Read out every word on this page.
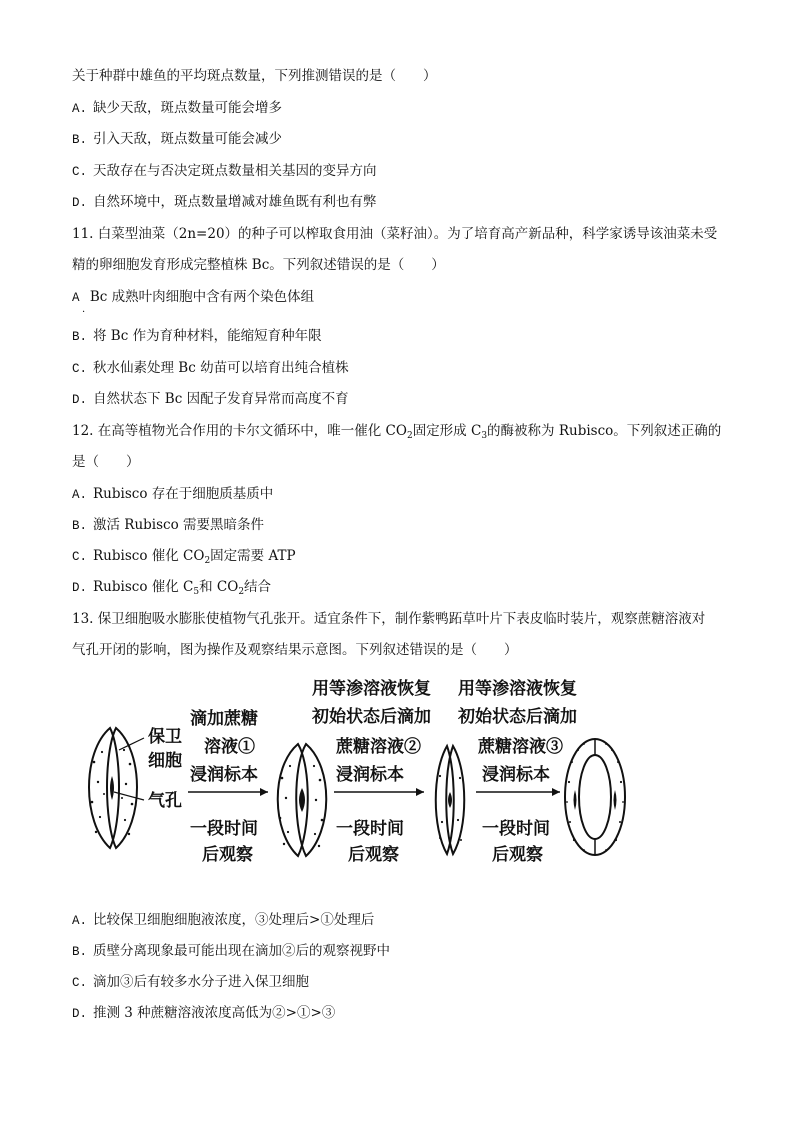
关于种群中雄鱼的平均斑点数量，下列推测错误的是（　　）
A. 缺少天敌，斑点数量可能会增多
B. 引入天敌，斑点数量可能会减少
C. 天敌存在与否决定斑点数量相关基因的变异方向
D. 自然环境中，斑点数量增减对雄鱼既有利也有弊
11. 白菜型油菜（2n=20）的种子可以榨取食用油（菜籽油）。为了培育高产新品种，科学家诱导该油菜未受
精的卵细胞发育形成完整植株 Bc。下列叙述错误的是（　　）
A Bc 成熟叶肉细胞中含有两个染色体组
·
B. 将 Bc 作为育种材料，能缩短育种年限
C. 秋水仙素处理 Bc 幼苗可以培育出纯合植株
D. 自然状态下 Bc 因配子发育异常而高度不育
12. 在高等植物光合作用的卡尔文循环中，唯一催化 $CO_2$固定形成 $C_3$的酶被称为 Rubisco。下列叙述正确的
是（　　）
A. Rubisco 存在于细胞质基质中
B. 激活 Rubisco 需要黑暗条件
C. Rubisco 催化 $CO_2$固定需要 ATP
D. Rubisco 催化 $C_5$和 $CO_2$结合
13. 保卫细胞吸水膨胀使植物气孔张开。适宜条件下，制作紫鸭跖草叶片下表皮临时装片，观察蔗糖溶液对
气孔开闭的影响，图为操作及观察结果示意图。下列叙述错误的是（　　）
保卫
细胞
气孔
滴加蔗糖
溶液①
浸润标本
一段时间
后观察
用等渗溶液恢复
初始状态后滴加
蔗糖溶液②
浸润标本
一段时间
后观察
用等渗溶液恢复
初始状态后滴加
蔗糖溶液③
浸润标本
一段时间
后观察
A. 比较保卫细胞细胞液浓度，③处理后>①处理后
B. 质壁分离现象最可能出现在滴加②后的观察视野中
C. 滴加③后有较多水分子进入保卫细胞
D. 推测 3 种蔗糖溶液浓度高低为②>①>③
